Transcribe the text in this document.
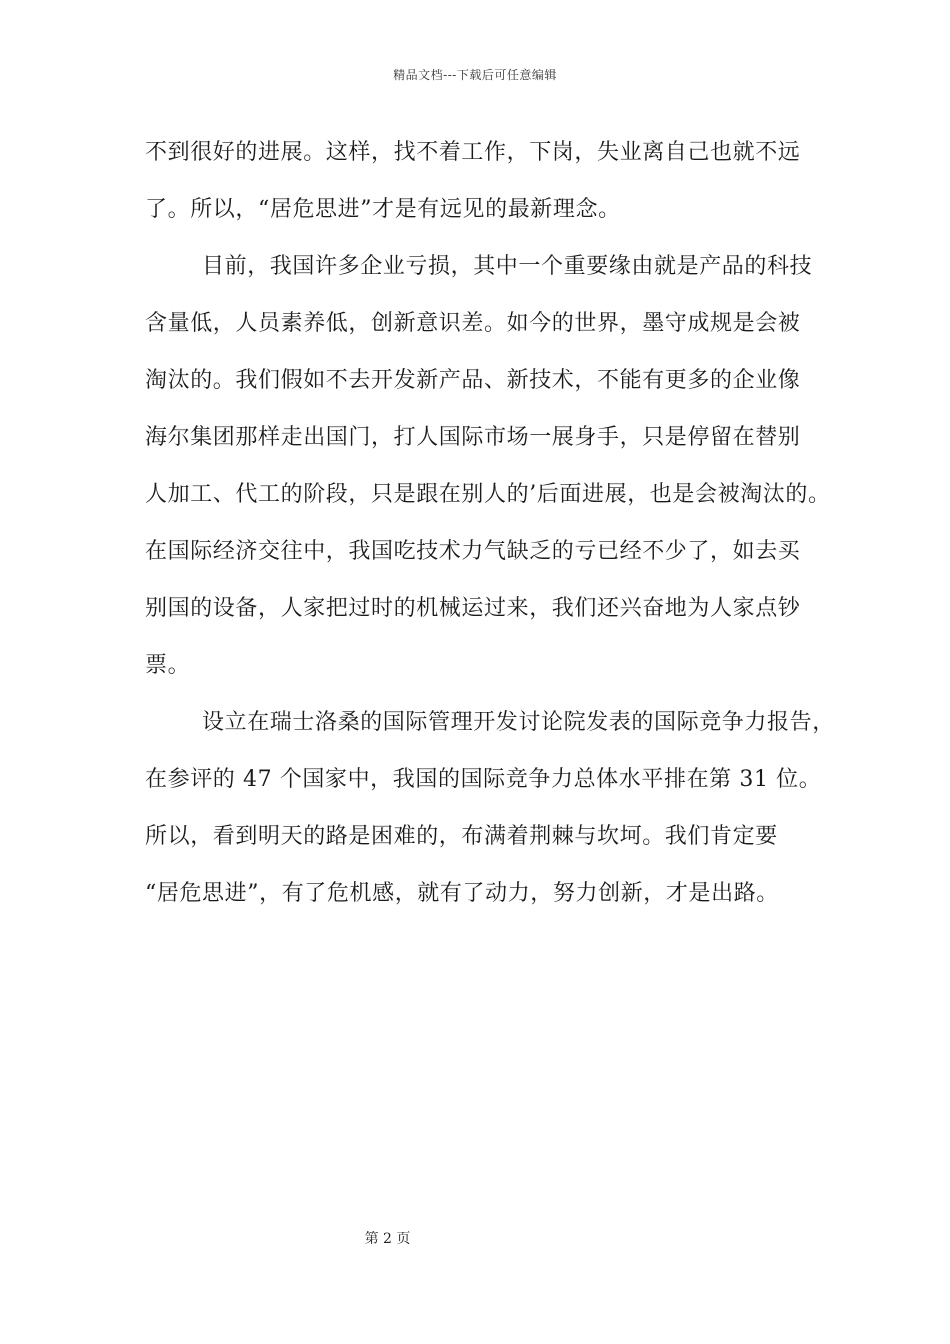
精品文档---下载后可任意编辑
不到很好的进展。这样，找不着工作，下岗，失业离自己也就不远
了。所以，“居危思进”才是有远见的最新理念。
目前，我国许多企业亏损，其中一个重要缘由就是产品的科技
含量低，人员素养低，创新意识差。如今的世界，墨守成规是会被
淘汰的。我们假如不去开发新产品、新技术，不能有更多的企业像
海尔集团那样走出国门，打人国际市场一展身手，只是停留在替别
人加工、代工的阶段，只是跟在别人的’后面进展，也是会被淘汰的。
在国际经济交往中，我国吃技术力气缺乏的亏已经不少了，如去买
别国的设备，人家把过时的机械运过来，我们还兴奋地为人家点钞
票。
设立在瑞士洛桑的国际管理开发讨论院发表的国际竞争力报告，
在参评的 47 个国家中，我国的国际竞争力总体水平排在第 31 位。
所以，看到明天的路是困难的，布满着荆棘与坎坷。我们肯定要
“居危思进”，有了危机感，就有了动力，努力创新，才是出路。
第 2 页
